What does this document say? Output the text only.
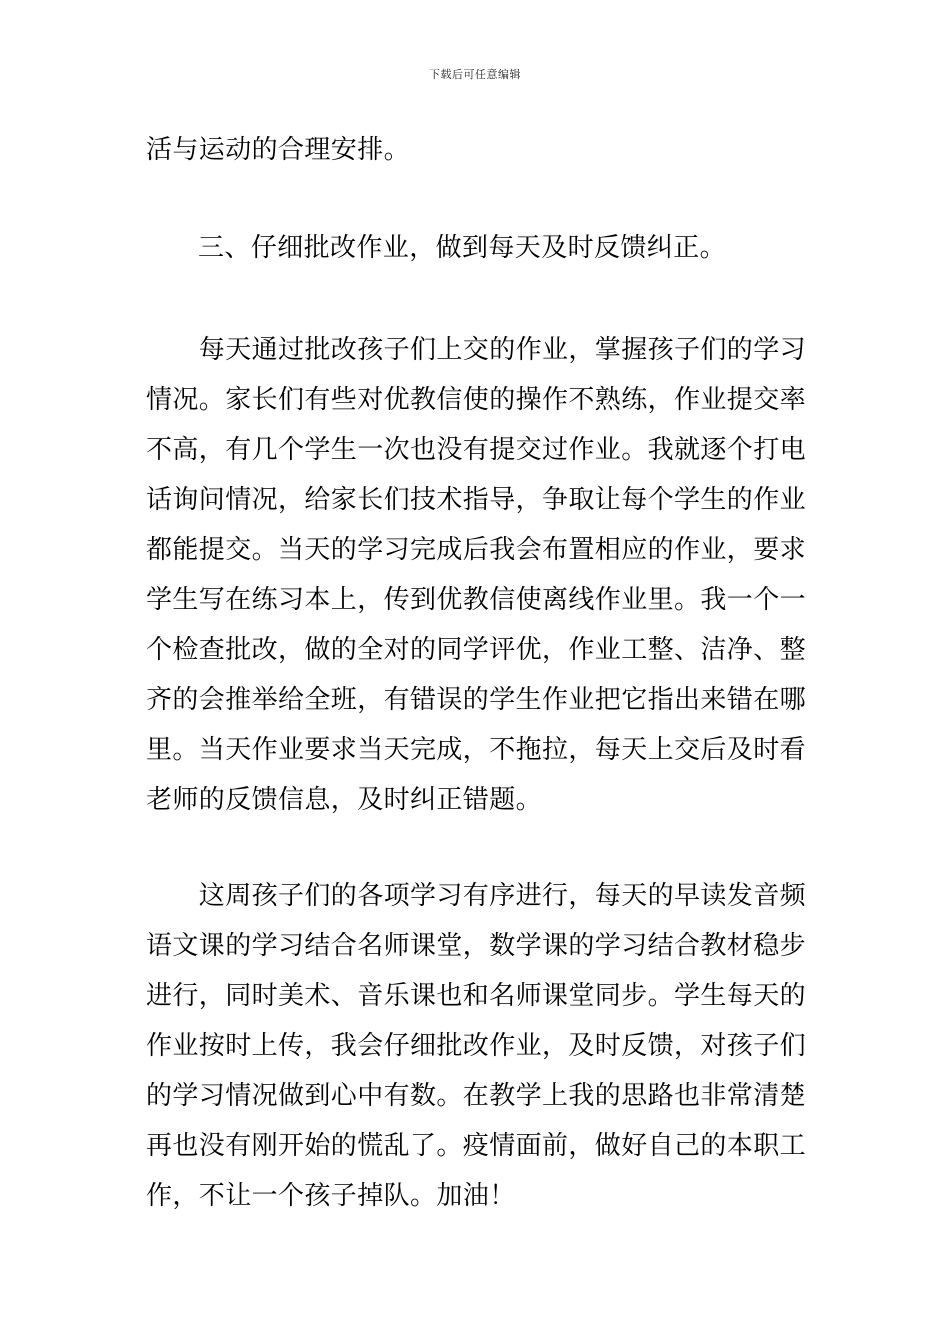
下载后可任意编辑
活与运动的合理安排。
三、仔细批改作业，做到每天及时反馈纠正。
　　每天通过批改孩子们上交的作业，掌握孩子们的学习
情况。家长们有些对优教信使的操作不熟练，作业提交率
不高，有几个学生一次也没有提交过作业。我就逐个打电
话询问情况，给家长们技术指导，争取让每个学生的作业
都能提交。当天的学习完成后我会布置相应的作业，要求
学生写在练习本上，传到优教信使离线作业里。我一个一
个检查批改，做的全对的同学评优，作业工整、洁净、整
齐的会推举给全班，有错误的学生作业把它指出来错在哪
里。当天作业要求当天完成，不拖拉，每天上交后及时看
老师的反馈信息，及时纠正错题。
　　这周孩子们的各项学习有序进行，每天的早读发音频
语文课的学习结合名师课堂，数学课的学习结合教材稳步
进行，同时美术、音乐课也和名师课堂同步。学生每天的
作业按时上传，我会仔细批改作业，及时反馈，对孩子们
的学习情况做到心中有数。在教学上我的思路也非常清楚
再也没有刚开始的慌乱了。疫情面前，做好自己的本职工
作，不让一个孩子掉队。加油！
